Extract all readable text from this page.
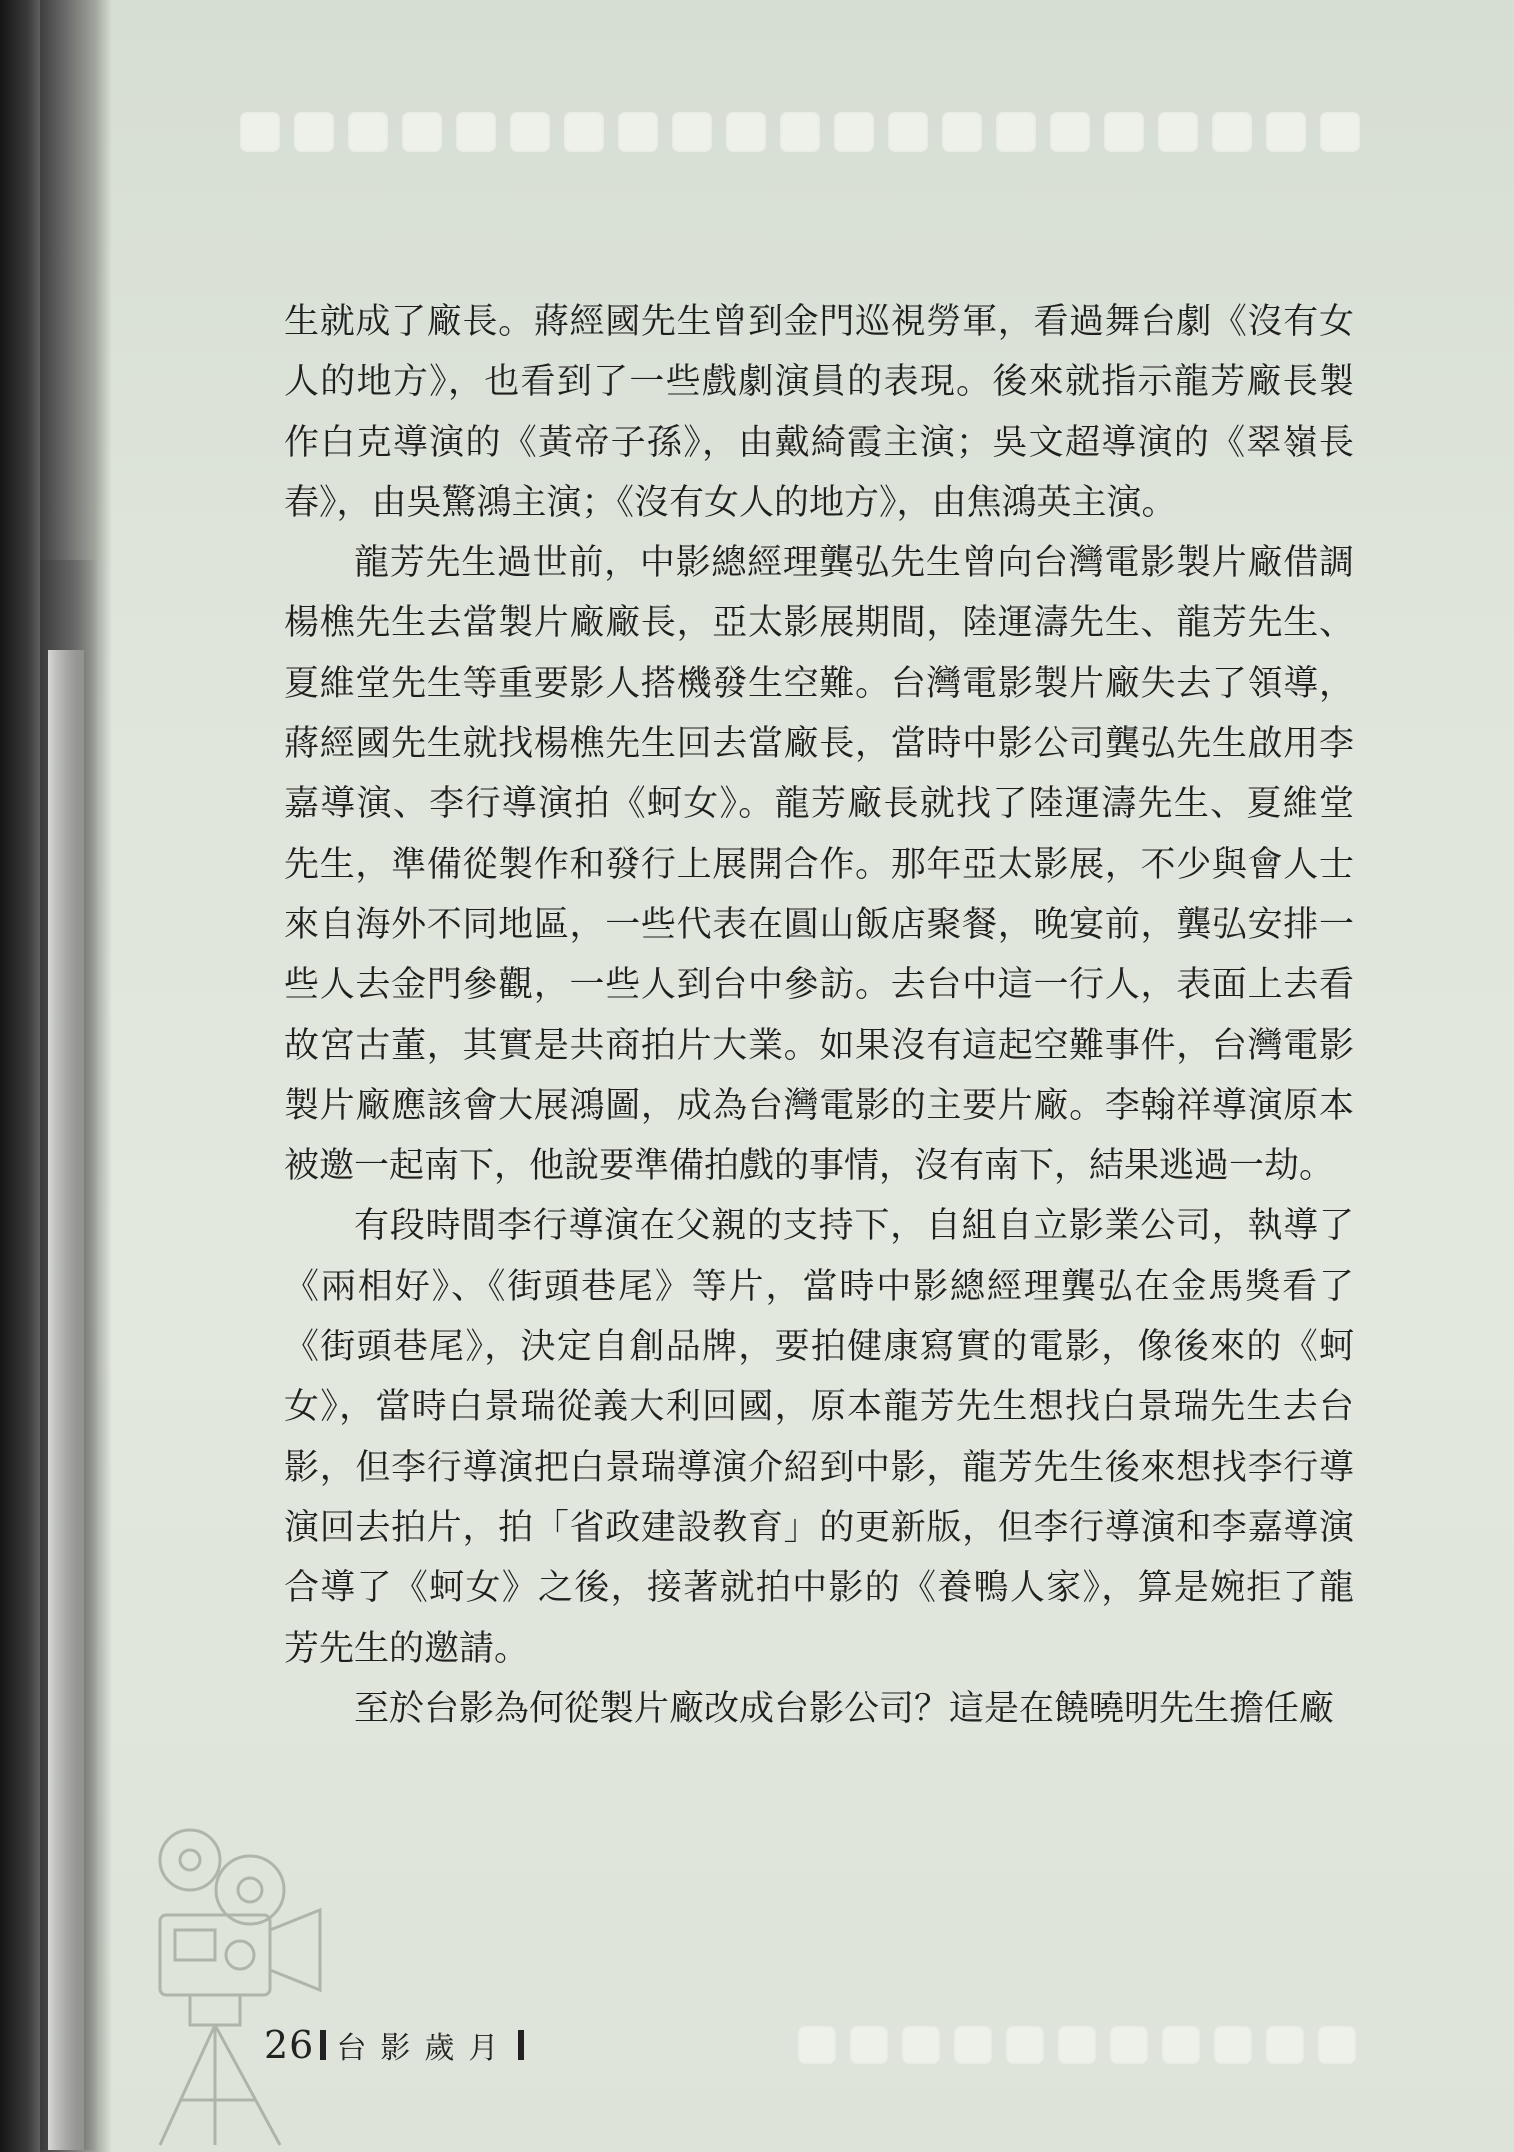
生就成了廠長。蔣經國先生曾到金門巡視勞軍，看過舞台劇《沒有女
人的地方》，也看到了一些戲劇演員的表現。後來就指示龍芳廠長製
作白克導演的《黃帝子孫》，由戴綺霞主演；吳文超導演的《翠嶺長
春》，由吳驚鴻主演；《沒有女人的地方》，由焦鴻英主演。
龍芳先生過世前，中影總經理龔弘先生曾向台灣電影製片廠借調
楊樵先生去當製片廠廠長，亞太影展期間，陸運濤先生、龍芳先生、
夏維堂先生等重要影人搭機發生空難。台灣電影製片廠失去了領導，
蔣經國先生就找楊樵先生回去當廠長，當時中影公司龔弘先生啟用李
嘉導演、李行導演拍《蚵女》。龍芳廠長就找了陸運濤先生、夏維堂
先生，準備從製作和發行上展開合作。那年亞太影展，不少與會人士
來自海外不同地區，一些代表在圓山飯店聚餐，晚宴前，龔弘安排一
些人去金門參觀，一些人到台中參訪。去台中這一行人，表面上去看
故宮古董，其實是共商拍片大業。如果沒有這起空難事件，台灣電影
製片廠應該會大展鴻圖，成為台灣電影的主要片廠。李翰祥導演原本
被邀一起南下，他說要準備拍戲的事情，沒有南下，結果逃過一劫。
有段時間李行導演在父親的支持下，自組自立影業公司，執導了
《兩相好》、《街頭巷尾》等片，當時中影總經理龔弘在金馬獎看了
《街頭巷尾》，決定自創品牌，要拍健康寫實的電影，像後來的《蚵
女》，當時白景瑞從義大利回國，原本龍芳先生想找白景瑞先生去台
影，但李行導演把白景瑞導演介紹到中影，龍芳先生後來想找李行導
演回去拍片，拍「省政建設教育」的更新版，但李行導演和李嘉導演
合導了《蚵女》之後，接著就拍中影的《養鴨人家》，算是婉拒了龍
芳先生的邀請。
至於台影為何從製片廠改成台影公司？這是在饒曉明先生擔任廠
26 台影歲月
